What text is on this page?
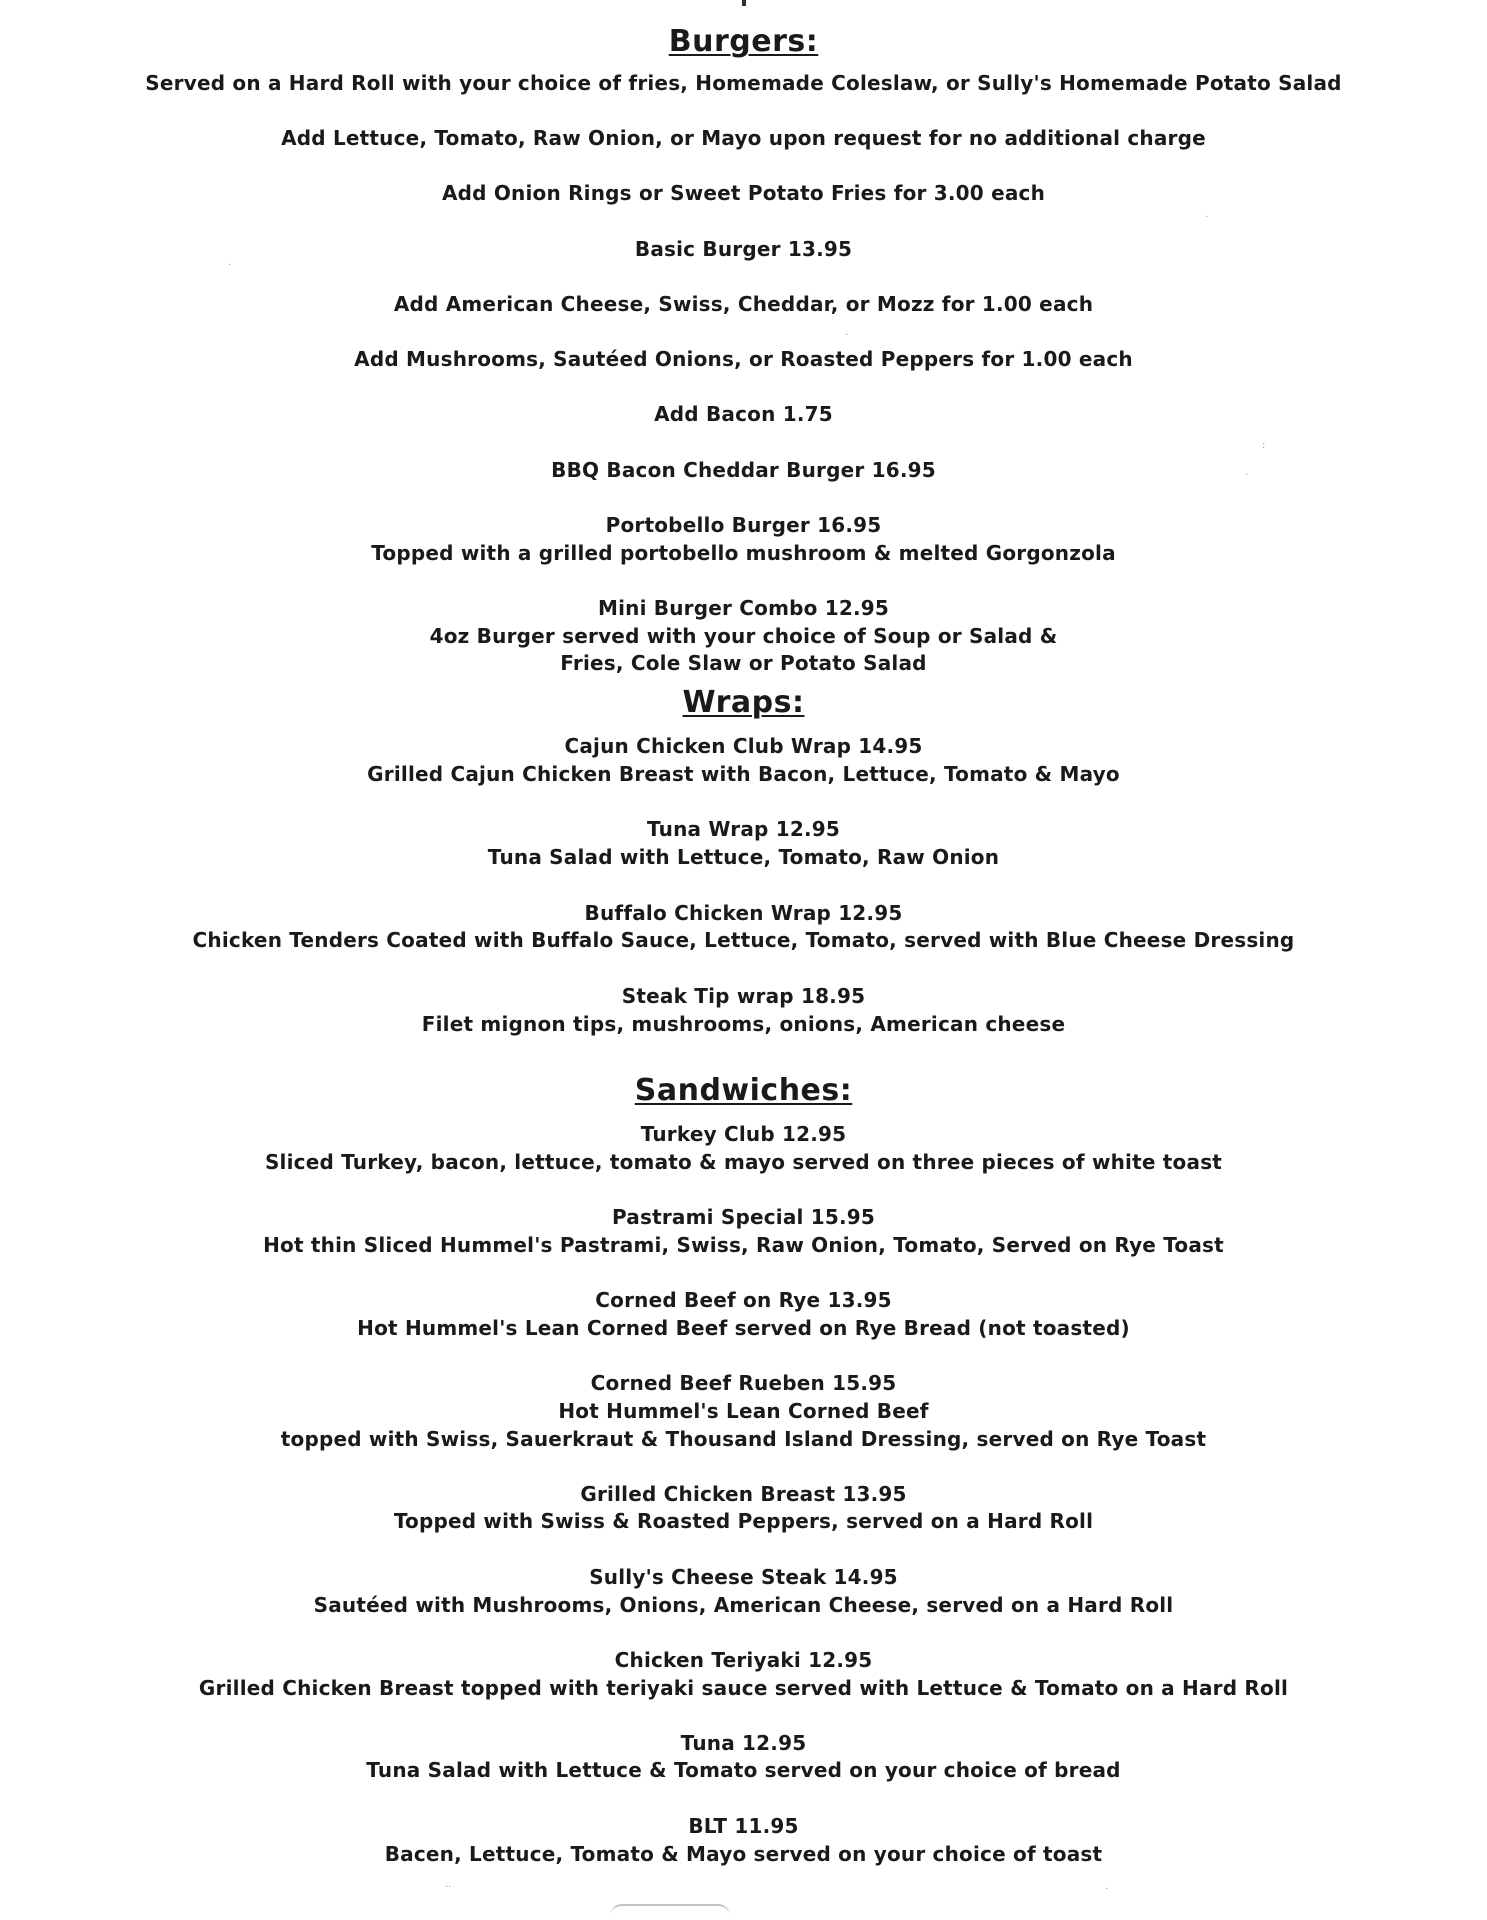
Burgers:
Served on a Hard Roll with your choice of fries, Homemade Coleslaw, or Sully's Homemade Potato Salad
Add Lettuce, Tomato, Raw Onion, or Mayo upon request for no additional charge
Add Onion Rings or Sweet Potato Fries for 3.00 each
Basic Burger 13.95
Add American Cheese, Swiss, Cheddar, or Mozz for 1.00 each
Add Mushrooms, Sautéed Onions, or Roasted Peppers for 1.00 each
Add Bacon 1.75
BBQ Bacon Cheddar Burger 16.95
Portobello Burger 16.95
Topped with a grilled portobello mushroom & melted Gorgonzola
Mini Burger Combo 12.95
4oz Burger served with your choice of Soup or Salad &
Fries, Cole Slaw or Potato Salad
Wraps:
Cajun Chicken Club Wrap 14.95
Grilled Cajun Chicken Breast with Bacon, Lettuce, Tomato & Mayo
Tuna Wrap 12.95
Tuna Salad with Lettuce, Tomato, Raw Onion
Buffalo Chicken Wrap 12.95
Chicken Tenders Coated with Buffalo Sauce, Lettuce, Tomato, served with Blue Cheese Dressing
Steak Tip wrap 18.95
Filet mignon tips, mushrooms, onions, American cheese
Sandwiches:
Turkey Club 12.95
Sliced Turkey, bacon, lettuce, tomato & mayo served on three pieces of white toast
Pastrami Special 15.95
Hot thin Sliced Hummel's Pastrami, Swiss, Raw Onion, Tomato, Served on Rye Toast
Corned Beef on Rye 13.95
Hot Hummel's Lean Corned Beef served on Rye Bread (not toasted)
Corned Beef Rueben 15.95
Hot Hummel's Lean Corned Beef
topped with Swiss, Sauerkraut & Thousand Island Dressing, served on Rye Toast
Grilled Chicken Breast 13.95
Topped with Swiss & Roasted Peppers, served on a Hard Roll
Sully's Cheese Steak 14.95
Sautéed with Mushrooms, Onions, American Cheese, served on a Hard Roll
Chicken Teriyaki 12.95
Grilled Chicken Breast topped with teriyaki sauce served with Lettuce & Tomato on a Hard Roll
Tuna 12.95
Tuna Salad with Lettuce & Tomato served on your choice of bread
BLT 11.95
Bacen, Lettuce, Tomato & Mayo served on your choice of toast
·
·
:
·
·
··	·
